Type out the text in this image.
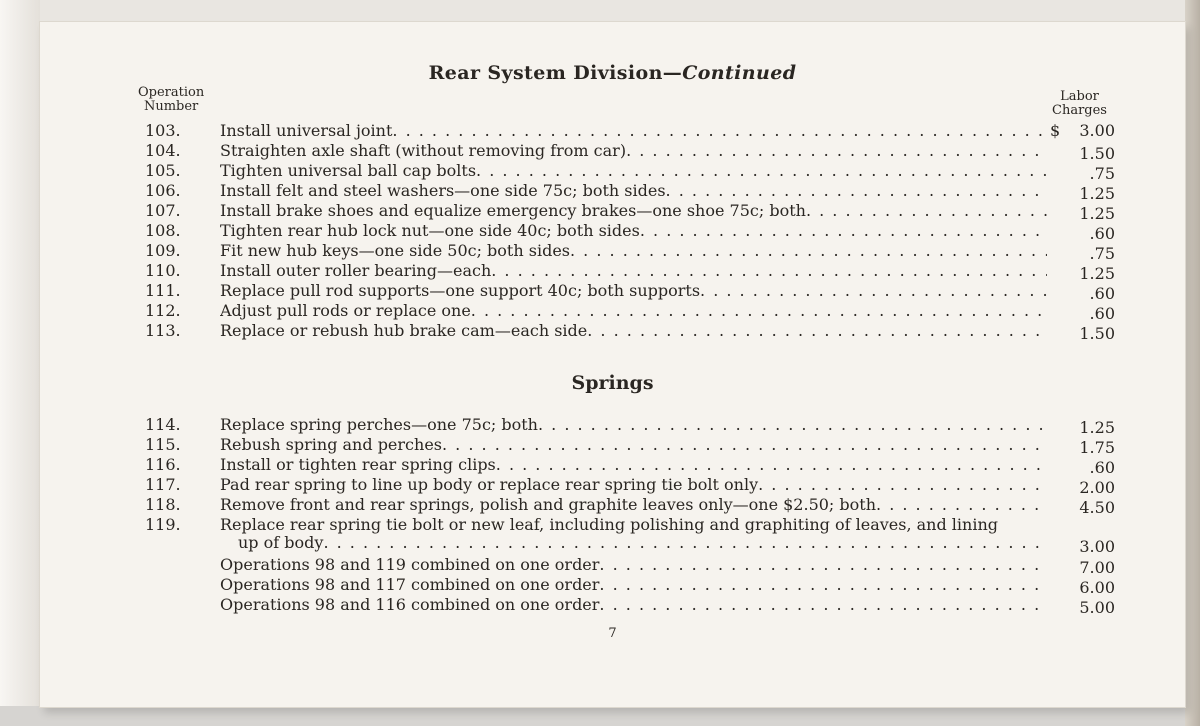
Rear System Division—Continued
Operation
Number
Labor
Charges
103. Install universal joint . . .	$	3.00
104. Straighten axle shaft (without removing from car) . . .	1.50
105. Tighten universal ball cap bolts . . .	.75
106. Install felt and steel washers—one side 75c; both sides . . .	1.25
107. Install brake shoes and equalize emergency brakes—one shoe 75c; both . . .	1.25
108. Tighten rear hub lock nut—one side 40c; both sides . . .	.60
109. Fit new hub keys—one side 50c; both sides . . .	.75
110. Install outer roller bearing—each . . .	1.25
111. Replace pull rod supports—one support 40c; both supports . . .	.60
112. Adjust pull rods or replace one . . .	.60
113. Replace or rebush hub brake cam—each side . . .	1.50
Springs
114. Replace spring perches—one 75c; both . . .	1.25
115. Rebush spring and perches . . .	1.75
116. Install or tighten rear spring clips . . .	.60
117. Pad rear spring to line up body or replace rear spring tie bolt only . . .	2.00
118. Remove front and rear springs, polish and graphite leaves only—one $2.50; both . . .	4.50
119. Replace rear spring tie bolt or new leaf, including polishing and graphiting of leaves, and lining
up of body . . .	3.00
Operations 98 and 119 combined on one order . . .	7.00
Operations 98 and 117 combined on one order . . .	6.00
Operations 98 and 116 combined on one order . . .	5.00
7
